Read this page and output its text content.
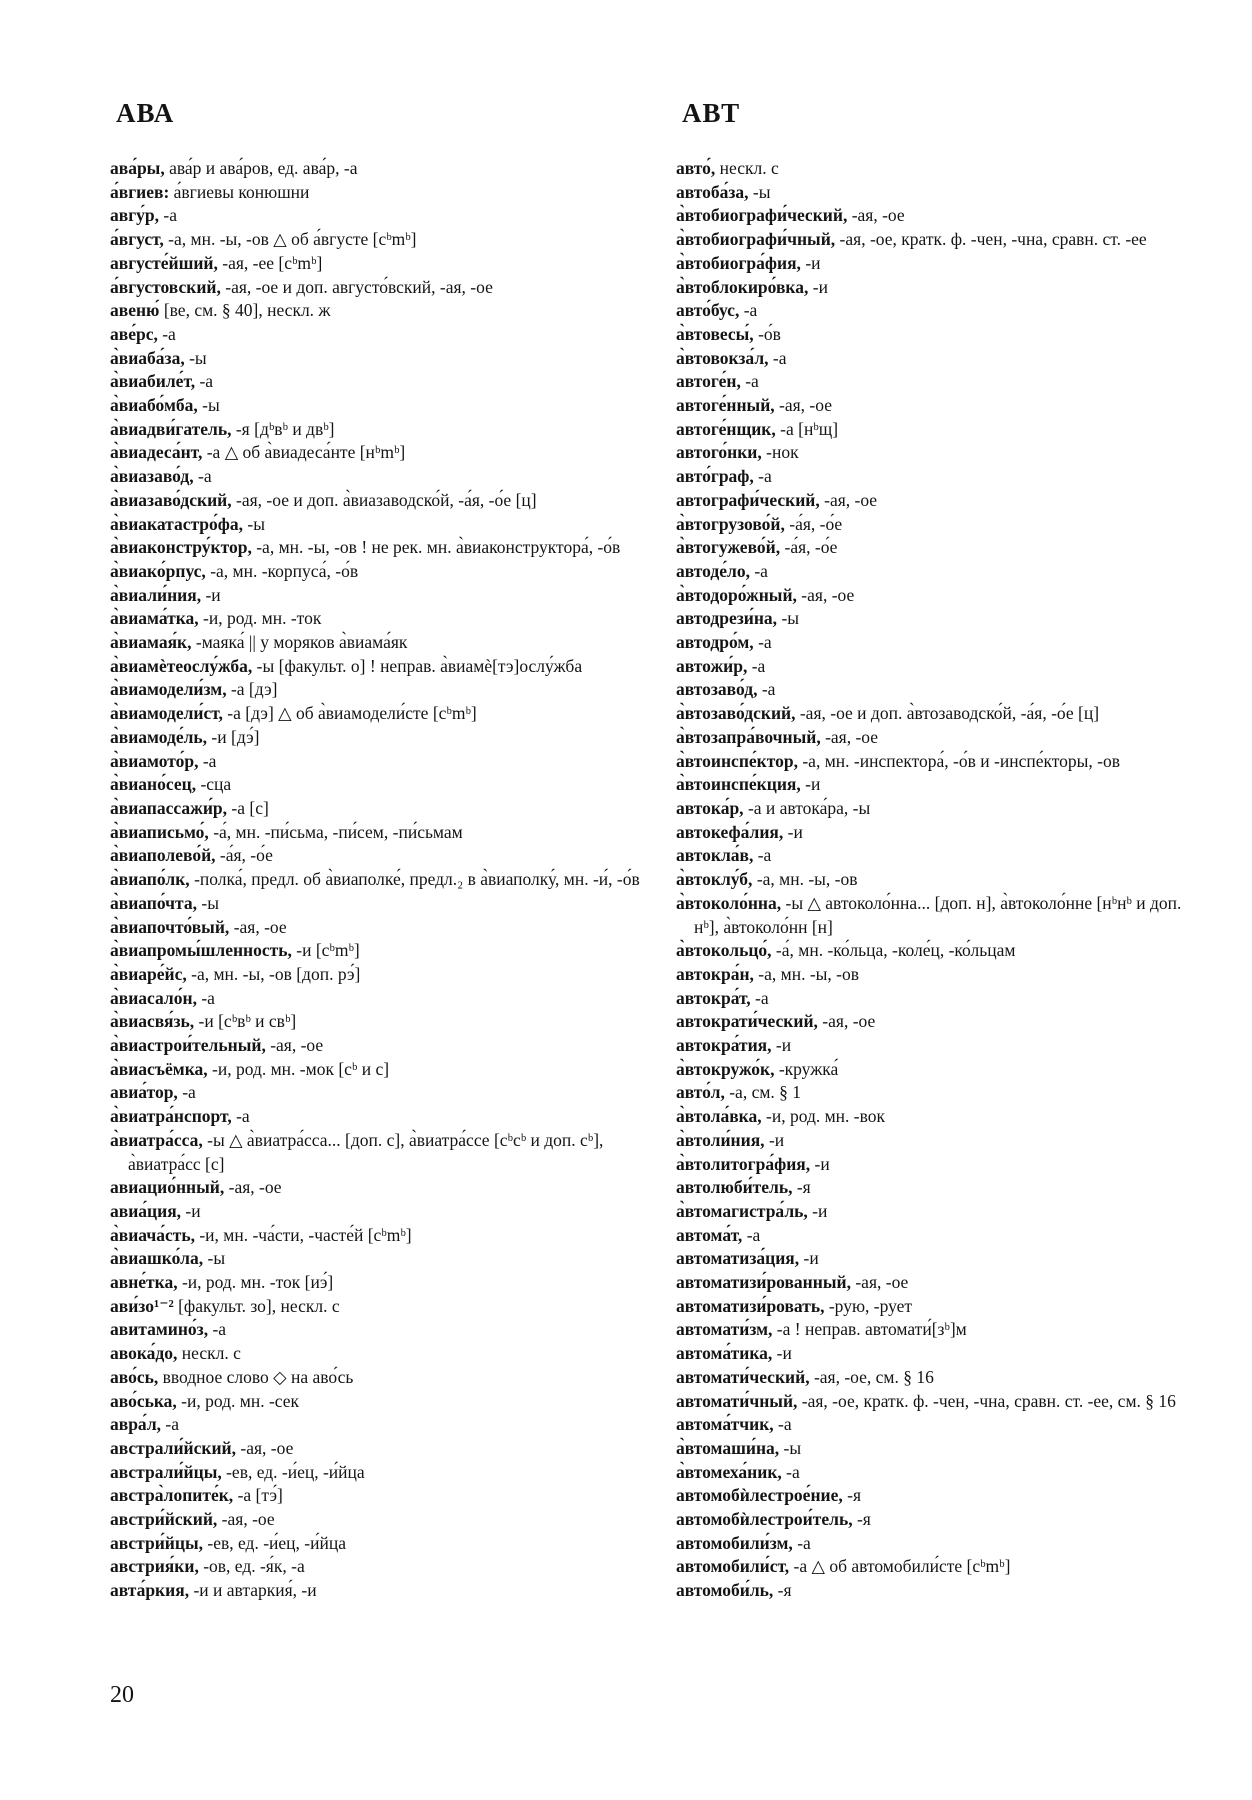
АВА	АВТ
ава́ры, ава́р и ава́ров, ед. ава́р, -а
а́вгиев: а́вгиевы конюшни
авгу́р, -а
а́вгуст, -а, мн. -ы, -ов △ об а́вгусте [cᵇmᵇ]
августе́йший, -ая, -ее [cᵇmᵇ]
а́вгустовский, -ая, -ое и доп. августо́вский, -ая, -ое
авеню́ [ве, см. § 40], нескл. ж
аве́рс, -а
а̀виаба́за, -ы
а̀виабиле́т, -а
а̀виабо́мба, -ы
а̀виадви́гатель, -я [дᵇвᵇ и двᵇ]
а̀виадеса́нт, -а △ об а̀виадеса́нте [нᵇmᵇ]
а̀виазаво́д, -а
а̀виазаво́дский, -ая, -ое и доп. а̀виазаводско́й, -а́я, -о́е [ц]
а̀виакатастро́фа, -ы
а̀виаконстру́ктор, -а, мн. -ы, -ов ! не рек. мн. а̀виаконструктора́, -о́в
а̀виако́рпус, -а, мн. -корпуса́, -о́в
а̀виали́ния, -и
а̀виама́тка, -и, род. мн. -ток
а̀виамая́к, -маяка́ || у моряков а̀виама́як
а̀виамѐтеослу́жба, -ы [факульт. о] ! неправ. а̀виамѐ[тэ]ослу́жба
а̀виамодели́зм, -а [дэ]
а̀виамодели́ст, -а [дэ] △ об а̀виамодели́сте [cᵇmᵇ]
а̀виамоде́ль, -и [дэ́]
а̀виамото́р, -а
а̀виано́сец, -сца
а̀виапассажи́р, -а [с]
а̀виаписьмо́, -а́, мн. -пи́сьма, -пи́сем, -пи́сьмам
а̀виаполево́й, -а́я, -о́е
а̀виапо́лк, -полка́, предл. об а̀виаполке́, предл.₂ в а̀виаполку́, мн. -и́, -о́в
а̀виапо́чта, -ы
а̀виапочто́вый, -ая, -ое
а̀виапромы́шленность, -и [cᵇmᵇ]
а̀виаре́йс, -а, мн. -ы, -ов [доп. рэ́]
а̀виасало́н, -а
а̀виасвя́зь, -и [cᵇвᵇ и свᵇ]
а̀виастрои́тельный, -ая, -ое
а̀виасъёмка, -и, род. мн. -мок [cᵇ и с]
авиа́тор, -а
а̀виатра́нспорт, -а
а̀виатра́сса, -ы △ а̀виатра́сса... [доп. с], а̀виатра́ссе [cᵇcᵇ и доп. cᵇ], а̀виатра́сс [с]
авиацио́нный, -ая, -ое
авиа́ция, -и
а̀виача́сть, -и, мн. -ча́сти, -часте́й [cᵇmᵇ]
а̀виашко́ла, -ы
авне́тка, -и, род. мн. -ток [иэ́]
ави́зо¹⁻² [факульт. зо], нескл. с
авитамино́з, -а
авока́до, нескл. с
аво́сь, вводное слово ◇ на аво́сь
аво́ська, -и, род. мн. -сек
авра́л, -а
австрали́йский, -ая, -ое
австрали́йцы, -ев, ед. -и́ец, -и́йца
австра̀лопите́к, -а [тэ́]
австри́йский, -ая, -ое
австри́йцы, -ев, ед. -и́ец, -и́йца
австрия́ки, -ов, ед. -я́к, -а
авта́ркия, -и и автаркия́, -и
авто́, нескл. с
автоба́за, -ы
а̀втобиографи́ческий, -ая, -ое
а̀втобиографи́чный, -ая, -ое, кратк. ф. -чен, -чна, сравн. ст. -ее
а̀втобиогра́фия, -и
а̀втоблокиро́вка, -и
авто́бус, -а
а̀втовесы́, -о́в
а̀втовокза́л, -а
автоге́н, -а
автоге́нный, -ая, -ое
автоге́нщик, -а [нᵇщ]
автого́нки, -нок
авто́граф, -а
автографи́ческий, -ая, -ое
а̀втогрузово́й, -а́я, -о́е
а̀втогужево́й, -а́я, -о́е
автоде́ло, -а
а̀втодоро́жный, -ая, -ое
автодрези́на, -ы
автодро́м, -а
автожи́р, -а
автозаво́д, -а
а̀втозаво́дский, -ая, -ое и доп. а̀втозаводско́й, -а́я, -о́е [ц]
а̀втозапра́вочный, -ая, -ое
а̀втоинспе́ктор, -а, мн. -инспектора́, -о́в и -инспе́кторы, -ов
а̀втоинспе́кция, -и
автока́р, -а и автока́ра, -ы
автокефа́лия, -и
автокла́в, -а
а̀втоклу́б, -а, мн. -ы, -ов
а̀втоколо́нна, -ы △ автоколо́нна... [доп. н], а̀втоколо́нне [нᵇнᵇ и доп. нᵇ], а̀втоколо́нн [н]
а̀втокольцо́, -а́, мн. -ко́льца, -коле́ц, -ко́льцам
автокра́н, -а, мн. -ы, -ов
автокра́т, -а
автократи́ческий, -ая, -ое
автокра́тия, -и
а̀втокружо́к, -кружка́
авто́л, -а, см. § 1
а̀втола́вка, -и, род. мн. -вок
а̀втоли́ния, -и
а̀втолитогра́фия, -и
автолюби́тель, -я
а̀втомагистра́ль, -и
автома́т, -а
автоматиза́ция, -и
автоматизи́рованный, -ая, -ое
автоматизи́ровать, -рую, -рует
автомати́зм, -а ! неправ. автомати́[зᵇ]м
автома́тика, -и
автомати́ческий, -ая, -ое, см. § 16
автомати́чный, -ая, -ое, кратк. ф. -чен, -чна, сравн. ст. -ее, см. § 16
автома́тчик, -а
а̀втомаши́на, -ы
а̀втомеха́ник, -а
автомобѝлестрое́ние, -я
автомобѝлестрои́тель, -я
автомобили́зм, -а
автомобили́ст, -а △ об автомобили́сте [cᵇmᵇ]
автомоби́ль, -я
20
